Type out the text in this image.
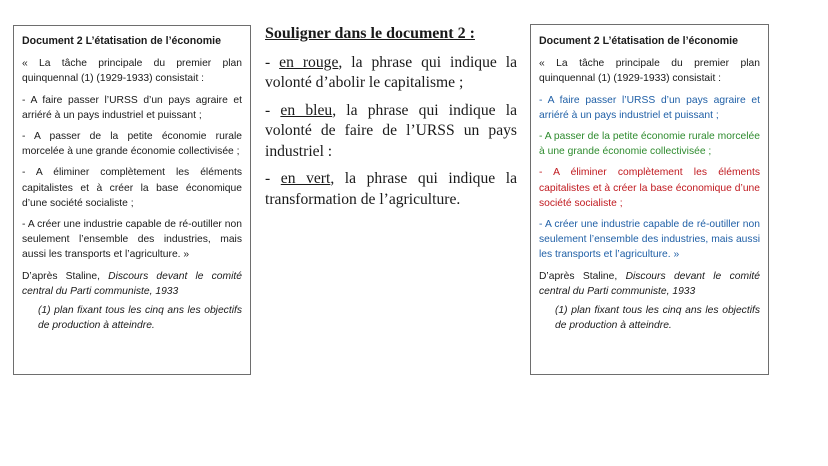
Document 2 L’étatisation de l’économie

« La tâche principale du premier plan quinquennal (1) (1929-1933) consistait :

- A faire passer l’URSS d’un pays agraire et arriéré à un pays industriel et puissant ;

- A passer de la petite économie rurale morcelée à une grande économie collectivisée ;

- A éliminer complètement les éléments capitalistes et à créer la base économique d’une société socialiste ;

- A créer une industrie capable de ré-outiller non seulement l’ensemble des industries, mais aussi les transports et l’agriculture. »

D’après Staline, Discours devant le comité central du Parti communiste, 1933

(1) plan fixant tous les cinq ans les objectifs de production à atteindre.

Souligner dans le document 2 :

- en rouge, la phrase qui indique la volonté d’abolir le capitalisme ;

- en bleu, la phrase qui indique la volonté de faire de l’URSS un pays industriel :

- en vert, la phrase qui indique la transformation de l’agriculture.

Document 2 L’étatisation de l’économie

« La tâche principale du premier plan quinquennal (1) (1929-1933) consistait :

- A faire passer l’URSS d’un pays agraire et arriéré à un pays industriel et puissant ;

- A passer de la petite économie rurale morcelée à une grande économie collectivisée ;

- A éliminer complètement les éléments capitalistes et à créer la base économique d’une société socialiste ;

- A créer une industrie capable de ré-outiller non seulement l’ensemble des industries, mais aussi les transports et l’agriculture. »

D’après Staline, Discours devant le comité central du Parti communiste, 1933

(1) plan fixant tous les cinq ans les objectifs de production à atteindre.
